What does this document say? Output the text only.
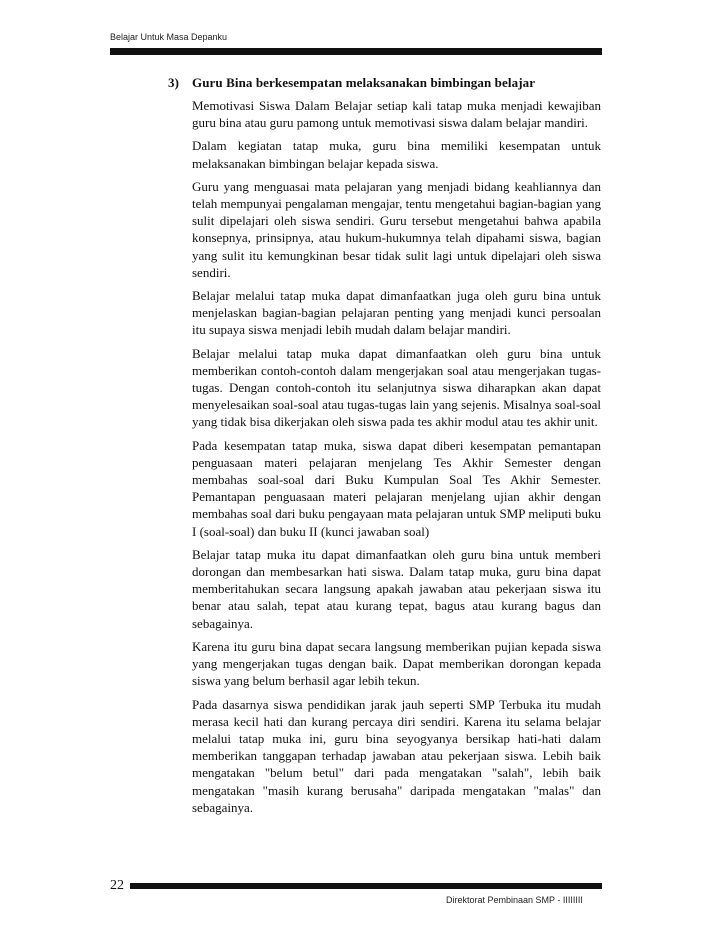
Belajar Untuk Masa Depanku
3) Guru Bina berkesempatan melaksanakan bimbingan belajar

Memotivasi Siswa Dalam Belajar setiap kali tatap muka menjadi kewajiban guru bina atau guru pamong untuk memotivasi siswa dalam belajar mandiri.

Dalam kegiatan tatap muka, guru bina memiliki kesempatan untuk melaksanakan bimbingan belajar kepada siswa.

Guru yang menguasai mata pelajaran yang menjadi bidang keahliannya dan telah mempunyai pengalaman mengajar, tentu mengetahui bagian-bagian yang sulit dipelajari oleh siswa sendiri. Guru tersebut mengetahui bahwa apabila konsepnya, prinsipnya, atau hukum-hukumnya telah dipahami siswa, bagian yang sulit itu kemungkinan besar tidak sulit lagi untuk dipelajari oleh siswa sendiri.

Belajar melalui tatap muka dapat dimanfaatkan juga oleh guru bina untuk menjelaskan bagian-bagian pelajaran penting yang menjadi kunci persoalan itu supaya siswa menjadi lebih mudah dalam belajar mandiri.

Belajar melalui tatap muka dapat dimanfaatkan oleh guru bina untuk memberikan contoh-contoh dalam mengerjakan soal atau mengerjakan tugas-tugas. Dengan contoh-contoh itu selanjutnya siswa diharapkan akan dapat menyelesaikan soal-soal atau tugas-tugas lain yang sejenis. Misalnya soal-soal yang tidak bisa dikerjakan oleh siswa pada tes akhir modul atau tes akhir unit.

Pada kesempatan tatap muka, siswa dapat diberi kesempatan pemantapan penguasaan materi pelajaran menjelang Tes Akhir Semester dengan membahas soal-soal dari Buku Kumpulan Soal Tes Akhir Semester. Pemantapan penguasaan materi pelajaran menjelang ujian akhir dengan membahas soal dari buku pengayaan mata pelajaran untuk SMP meliputi buku I (soal-soal) dan buku II (kunci jawaban soal)

Belajar tatap muka itu dapat dimanfaatkan oleh guru bina untuk memberi dorongan dan membesarkan hati siswa. Dalam tatap muka, guru bina dapat memberitahukan secara langsung apakah jawaban atau pekerjaan siswa itu benar atau salah, tepat atau kurang tepat, bagus atau kurang bagus dan sebagainya.

Karena itu guru bina dapat secara langsung memberikan pujian kepada siswa yang mengerjakan tugas dengan baik. Dapat memberikan dorongan kepada siswa yang belum berhasil agar lebih tekun.

Pada dasarnya siswa pendidikan jarak jauh seperti SMP Terbuka itu mudah merasa kecil hati dan kurang percaya diri sendiri. Karena itu selama belajar melalui tatap muka ini, guru bina seyogyanya bersikap hati-hati dalam memberikan tanggapan terhadap jawaban atau pekerjaan siswa. Lebih baik mengatakan "belum betul" dari pada mengatakan "salah", lebih baik mengatakan "masih kurang berusaha" daripada mengatakan "malas" dan sebagainya.

22
Direktorat Pembinaan SMP - IIIIIIII
